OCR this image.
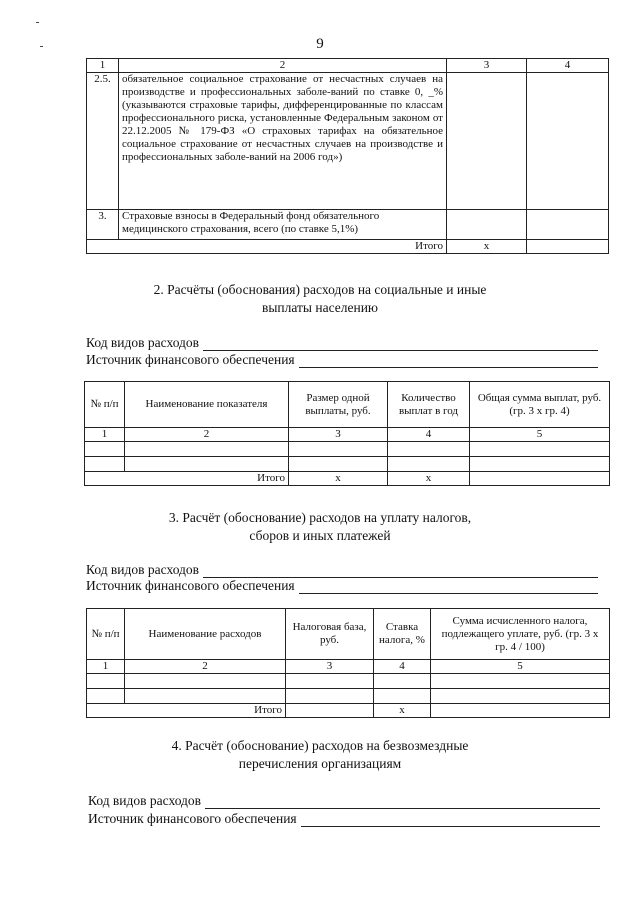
9
1	2	3	4
2.5.	обязательное социальное страхование от несчастных случаев на производстве и профессиональных заболе-ваний по ставке 0, _% (указываются страховые тарифы, дифференцированные по классам профессионального риска, установленные Федеральным законом от 22.12.2005 № 179-ФЗ «О страховых тарифах на обязательное социальное страхование от несчастных случаев на производстве и профессиональных заболе-ваний на 2006 год»)		
3.	Страховые взносы в Федеральный фонд обязательного медицинского страхования, всего (по ставке 5,1%)		
Итого		x	
2. Расчёты (обоснования) расходов на социальные и иные
выплаты населению
Код видов расходов
Источник финансового обеспечения
№ п/п	Наименование показателя	Размер одной выплаты, руб.	Количество выплат в год	Общая сумма выплат, руб. (гр. 3 х гр. 4)
1	2	3	4	5

Итого		x	x	
3. Расчёт (обоснование) расходов на уплату налогов,
сборов и иных платежей
Код видов расходов
Источник финансового обеспечения
№ п/п	Наименование расходов	Налоговая база, руб.	Ставка налога, %	Сумма исчисленного налога, подлежащего уплате, руб. (гр. 3 х гр. 4 / 100)
1	2	3	4	5

Итого			x	
4. Расчёт (обоснование) расходов на безвозмездные
перечисления организациям
Код видов расходов
Источник финансового обеспечения
